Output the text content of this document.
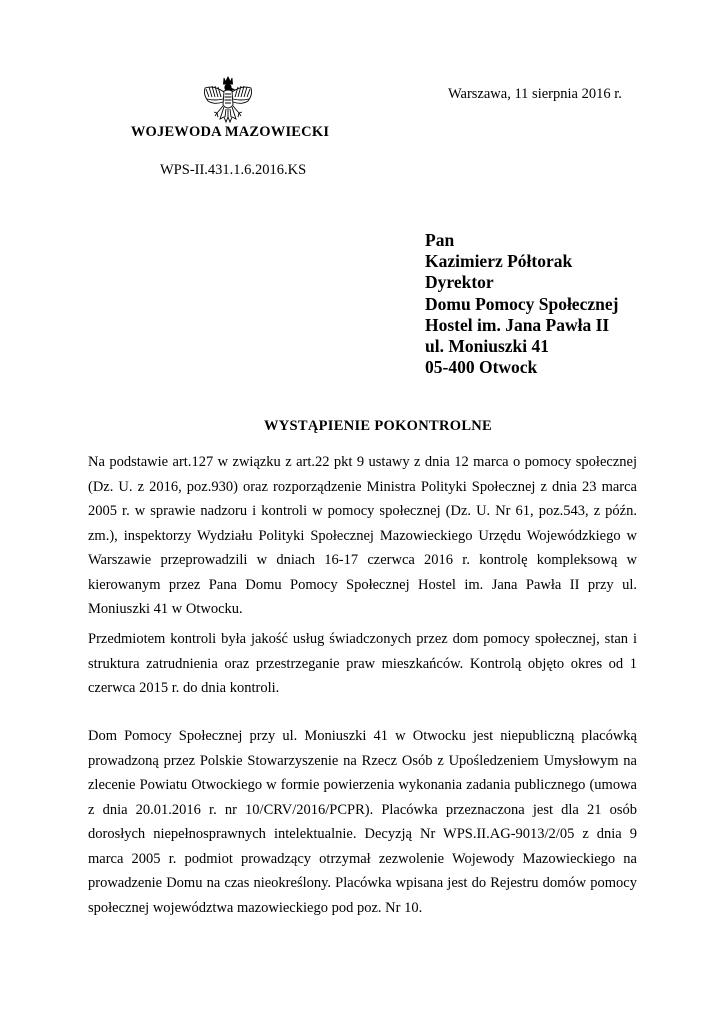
WOJEWODA MAZOWIECKI
WPS-II.431.1.6.2016.KS
Warszawa, 11 sierpnia 2016 r.
Pan
Kazimierz Półtorak
Dyrektor
Domu Pomocy Społecznej
Hostel im. Jana Pawła II
ul. Moniuszki 41
05-400 Otwock
WYSTĄPIENIE POKONTROLNE

Na podstawie art.127 w związku z art.22 pkt 9 ustawy z dnia 12 marca o pomocy społecznej (Dz. U. z 2016, poz.930) oraz rozporządzenie Ministra Polityki Społecznej z dnia 23 marca 2005 r. w sprawie nadzoru i kontroli w pomocy społecznej (Dz. U. Nr 61, poz.543, z późn. zm.), inspektorzy Wydziału Polityki Społecznej Mazowieckiego Urzędu Wojewódzkiego w Warszawie przeprowadzili w dniach 16-17 czerwca 2016 r. kontrolę kompleksową w kierowanym przez Pana Domu Pomocy Społecznej Hostel im. Jana Pawła II przy ul. Moniuszki 41 w Otwocku.

Przedmiotem kontroli była jakość usług świadczonych przez dom pomocy społecznej, stan i struktura zatrudnienia oraz przestrzeganie praw mieszkańców. Kontrolą objęto okres od 1 czerwca 2015 r. do dnia kontroli.

Dom Pomocy Społecznej przy ul. Moniuszki 41 w Otwocku jest niepubliczną placówką prowadzoną przez Polskie Stowarzyszenie na Rzecz Osób z Upośledzeniem Umysłowym na zlecenie Powiatu Otwockiego w formie powierzenia wykonania zadania publicznego (umowa z dnia 20.01.2016 r. nr 10/CRV/2016/PCPR). Placówka przeznaczona jest dla 21 osób dorosłych niepełnosprawnych intelektualnie. Decyzją Nr WPS.II.AG-9013/2/05 z dnia 9 marca 2005 r. podmiot prowadzący otrzymał zezwolenie Wojewody Mazowieckiego na prowadzenie Domu na czas nieokreślony. Placówka wpisana jest do Rejestru domów pomocy społecznej województwa mazowieckiego pod poz. Nr 10.
